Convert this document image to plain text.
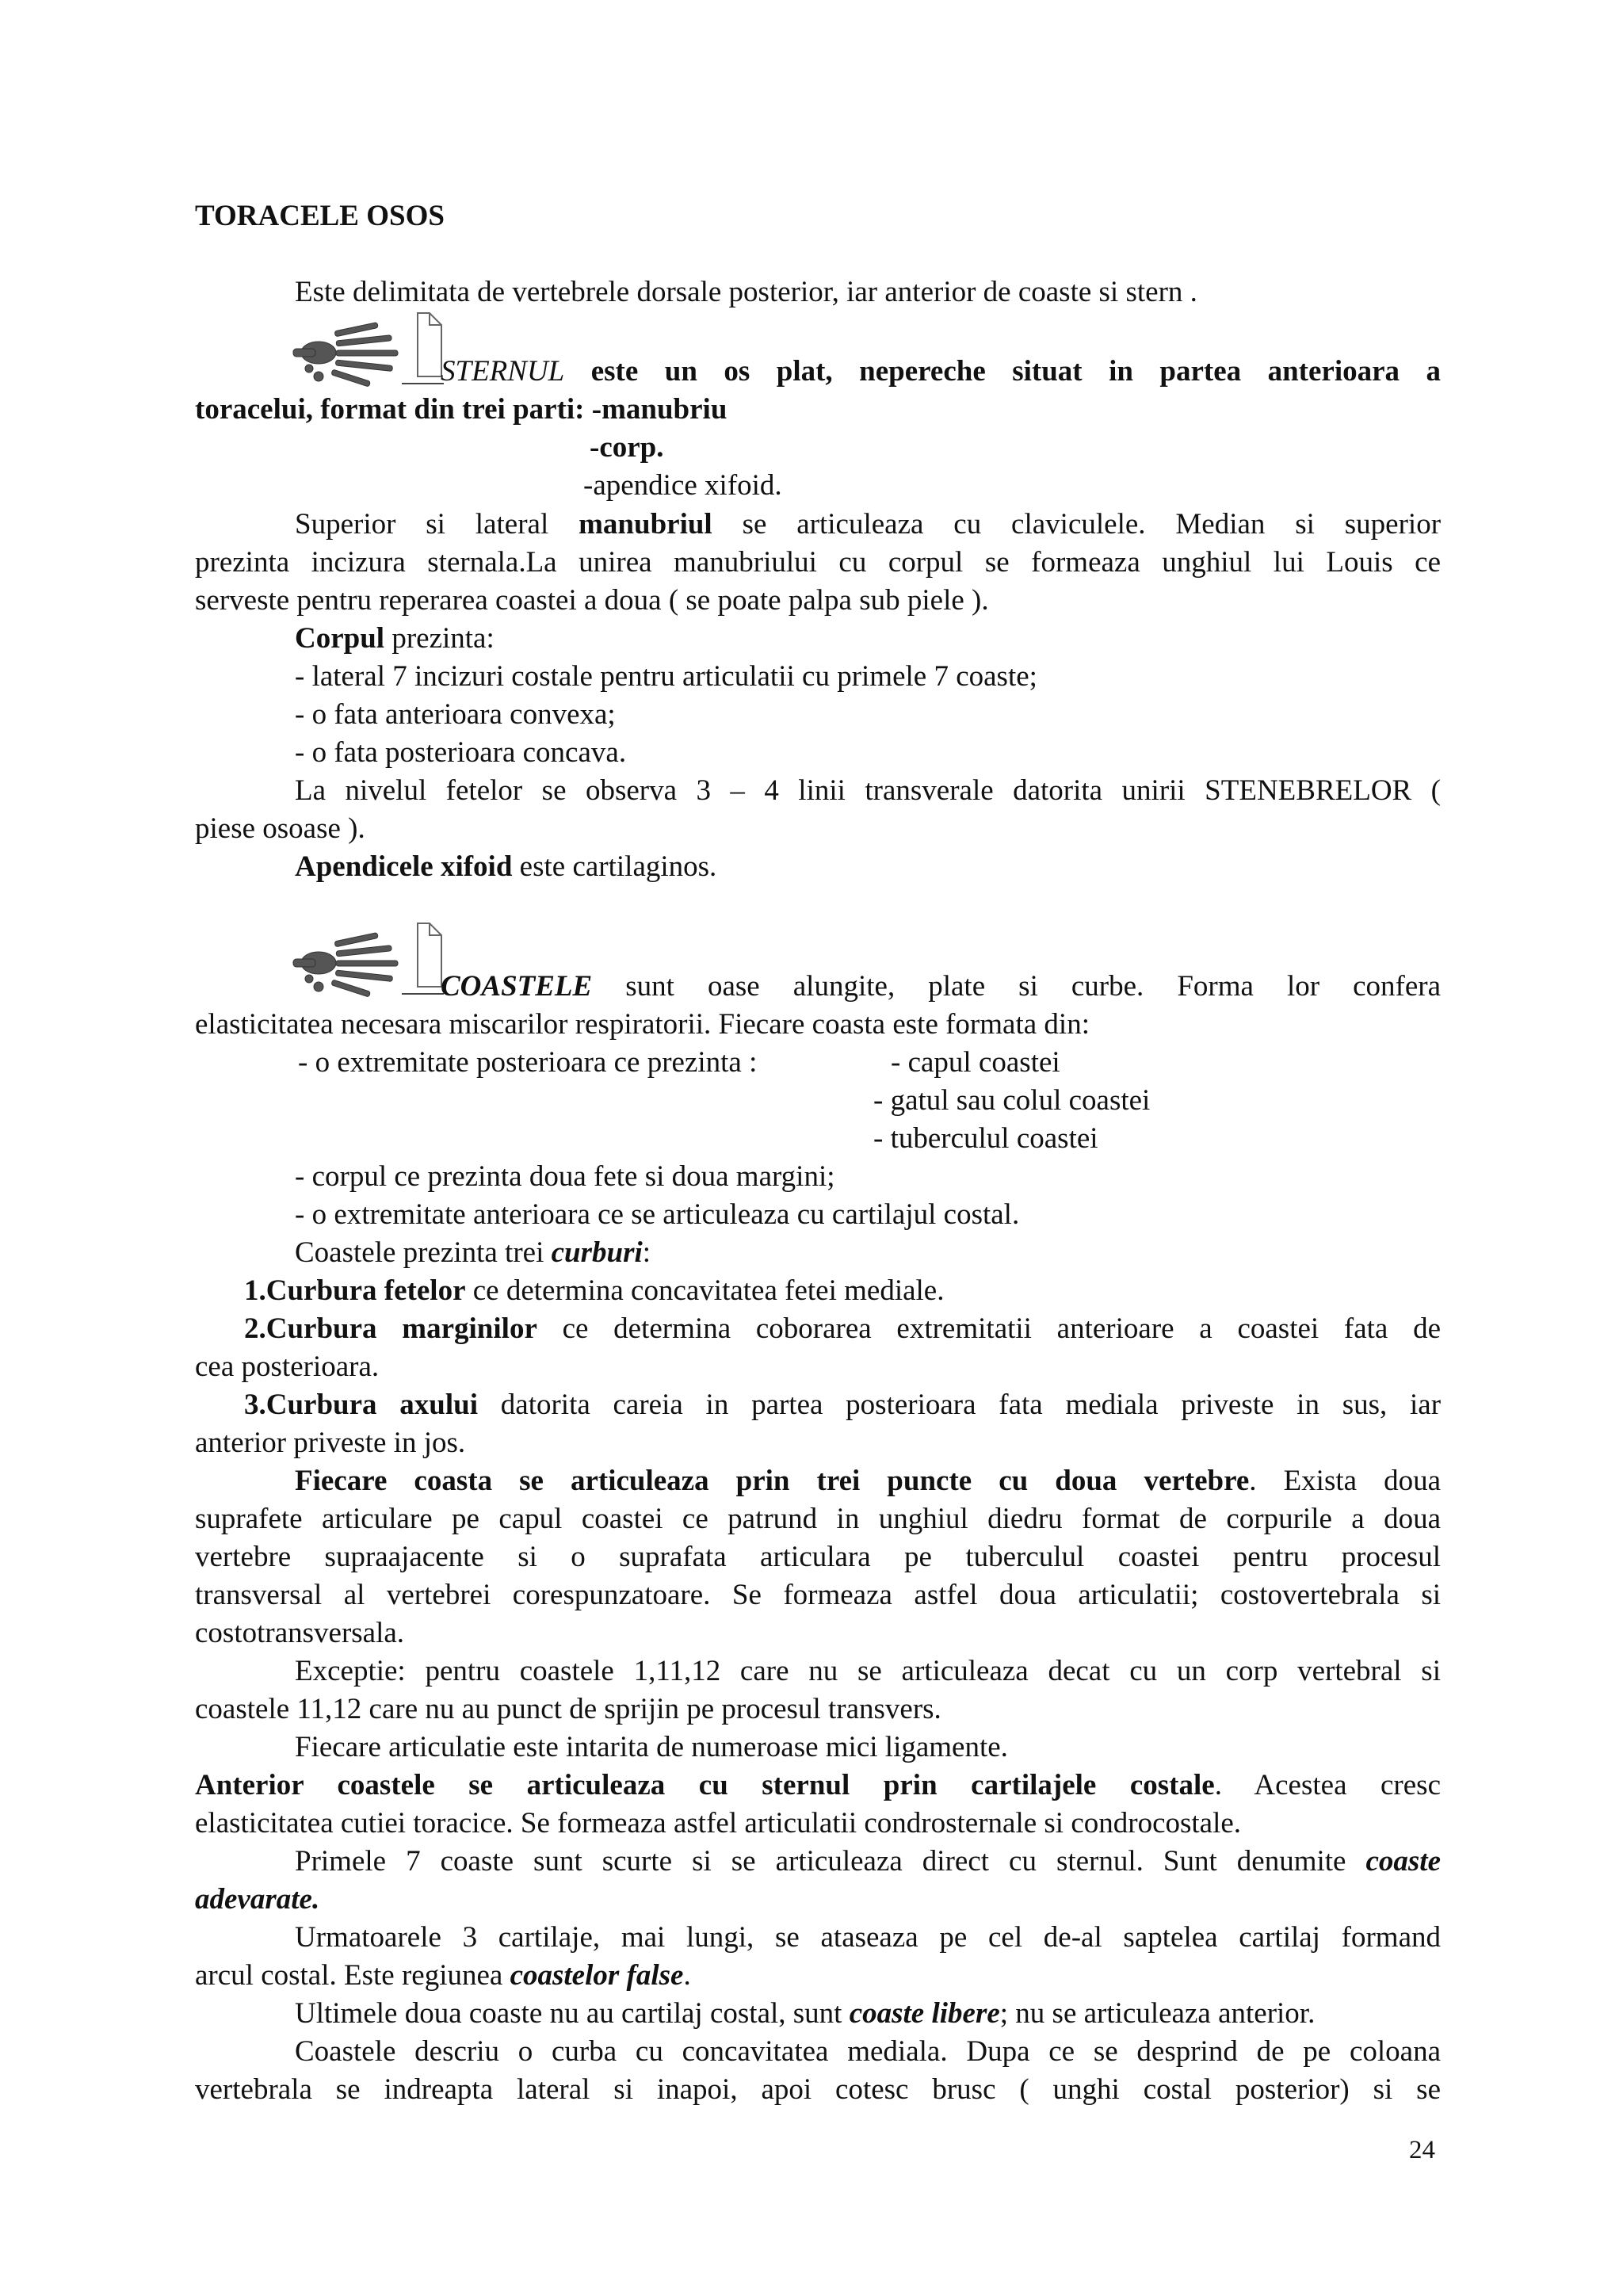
TORACELE OSOS
Este delimitata de vertebrele dorsale posterior, iar anterior de coaste si stern .
STERNUL este un os plat, nepereche situat in partea anterioara a
toracelui, format din trei parti: -manubriu
-corp.
-apendice xifoid.
Superior si lateral manubriul se articuleaza cu claviculele. Median si superior
prezinta incizura sternala.La unirea manubriului cu corpul se formeaza unghiul lui Louis ce
serveste pentru reperarea coastei a doua ( se poate palpa sub piele ).
Corpul prezinta:
- lateral 7 incizuri costale pentru articulatii cu primele 7 coaste;
- o fata anterioara convexa;
- o fata posterioara concava.
La nivelul fetelor se observa 3 – 4 linii transverale datorita unirii STENEBRELOR (
piese osoase ).
Apendicele xifoid este cartilaginos.
COASTELE sunt oase alungite, plate si curbe. Forma lor confera
elasticitatea necesara miscarilor respiratorii. Fiecare coasta este formata din:
- o extremitate posterioara ce prezinta :	- capul coastei
- gatul sau colul coastei
- tuberculul coastei
- corpul ce prezinta doua fete si doua margini;
- o extremitate anterioara ce se articuleaza cu cartilajul costal.
Coastele prezinta trei curburi:
1.Curbura fetelor ce determina concavitatea fetei mediale.
2.Curbura marginilor ce determina coborarea extremitatii anterioare a coastei fata de
cea posterioara.
3.Curbura axului datorita careia in partea posterioara fata mediala priveste in sus, iar
anterior priveste in jos.
Fiecare coasta se articuleaza prin trei puncte cu doua vertebre. Exista doua
suprafete articulare pe capul coastei ce patrund in unghiul diedru format de corpurile a doua
vertebre supraajacente si o suprafata articulara pe tuberculul coastei pentru procesul
transversal al vertebrei corespunzatoare. Se formeaza astfel doua articulatii; costovertebrala si
costotransversala.
Exceptie: pentru coastele 1,11,12 care nu se articuleaza decat cu un corp vertebral si
coastele 11,12 care nu au punct de sprijin pe procesul transvers.
Fiecare articulatie este intarita de numeroase mici ligamente.
Anterior coastele se articuleaza cu sternul prin cartilajele costale. Acestea cresc
elasticitatea cutiei toracice. Se formeaza astfel articulatii condrosternale si condrocostale.
Primele 7 coaste sunt scurte si se articuleaza direct cu sternul. Sunt denumite coaste
adevarate.
Urmatoarele 3 cartilaje, mai lungi, se ataseaza pe cel de-al saptelea cartilaj formand
arcul costal. Este regiunea coastelor false.
Ultimele doua coaste nu au cartilaj costal, sunt coaste libere; nu se articuleaza anterior.
Coastele descriu o curba cu concavitatea mediala. Dupa ce se desprind de pe coloana
vertebrala se indreapta lateral si inapoi, apoi cotesc brusc ( unghi costal posterior) si se
24
